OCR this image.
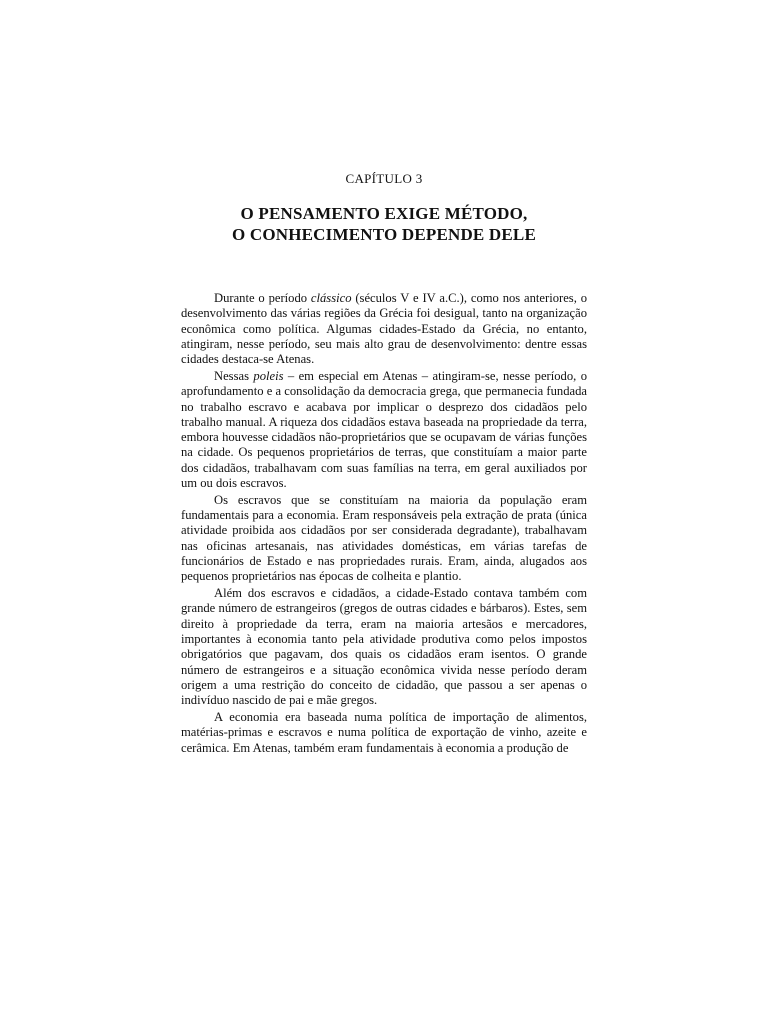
CAPÍTULO 3
O PENSAMENTO EXIGE MÉTODO,
O CONHECIMENTO DEPENDE DELE

Durante o período clássico (séculos V e IV a.C.), como nos anteriores, o desenvolvimento das várias regiões da Grécia foi desigual, tanto na organização econômica como política. Algumas cidades-Estado da Grécia, no entanto, atingiram, nesse período, seu mais alto grau de desenvolvimento: dentre essas cidades destaca-se Atenas.

Nessas poleis – em especial em Atenas – atingiram-se, nesse período, o aprofundamento e a consolidação da democracia grega, que permanecia fundada no trabalho escravo e acabava por implicar o desprezo dos cidadãos pelo trabalho manual. A riqueza dos cidadãos estava baseada na propriedade da terra, embora houvesse cidadãos não-proprietários que se ocupavam de várias funções na cidade. Os pequenos proprietários de terras, que constituíam a maior parte dos cidadãos, trabalhavam com suas famílias na terra, em geral auxiliados por um ou dois escravos.

Os escravos que se constituíam na maioria da população eram fundamentais para a economia. Eram responsáveis pela extração de prata (única atividade proibida aos cidadãos por ser considerada degradante), trabalhavam nas oficinas artesanais, nas atividades domésticas, em várias tarefas de funcionários de Estado e nas propriedades rurais. Eram, ainda, alugados aos pequenos proprietários nas épocas de colheita e plantio.

Além dos escravos e cidadãos, a cidade-Estado contava também com grande número de estrangeiros (gregos de outras cidades e bárbaros). Estes, sem direito à propriedade da terra, eram na maioria artesãos e mercadores, importantes à economia tanto pela atividade produtiva como pelos impostos obrigatórios que pagavam, dos quais os cidadãos eram isentos. O grande número de estrangeiros e a situação econômica vivida nesse período deram origem a uma restrição do conceito de cidadão, que passou a ser apenas o indivíduo nascido de pai e mãe gregos.

A economia era baseada numa política de importação de alimentos, matérias-primas e escravos e numa política de exportação de vinho, azeite e cerâmica. Em Atenas, também eram fundamentais à economia a produção de
